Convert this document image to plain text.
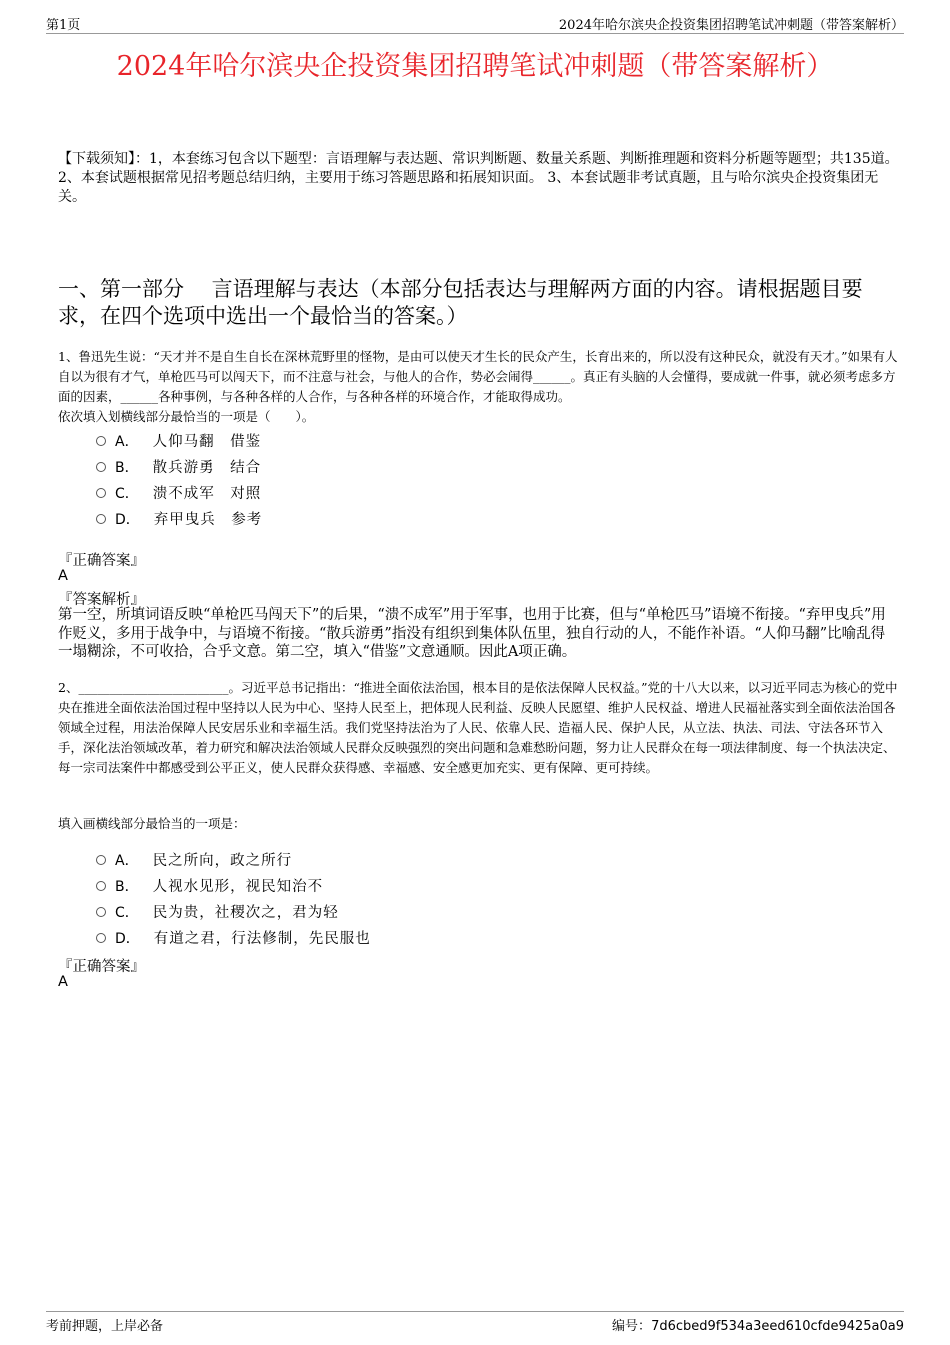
第1页	2024年哈尔滨央企投资集团招聘笔试冲刺题（带答案解析）
2024年哈尔滨央企投资集团招聘笔试冲刺题（带答案解析）
【下载须知】：1，本套练习包含以下题型：言语理解与表达题、常识判断题、数量关系题、判断推理题和资料分析题等题型；共135道。 2、本套试题根据常见招考题总结归纳，主要用于练习答题思路和拓展知识面。 3、本套试题非考试真题，且与哈尔滨央企投资集团无关。
一、第一部分　 言语理解与表达（本部分包括表达与理解两方面的内容。请根据题目要求，在四个选项中选出一个最恰当的答案。）
1、鲁迅先生说：“天才并不是自生自长在深林荒野里的怪物，是由可以使天才生长的民众产生，长育出来的，所以没有这种民众，就没有天才。”如果有人自以为很有才气，单枪匹马可以闯天下，而不注意与社会，与他人的合作，势必会闹得______。真正有头脑的人会懂得，要成就一件事，就必须考虑多方面的因素，______各种事例，与各种各样的人合作，与各种各样的环境合作，才能取得成功。
依次填入划横线部分最恰当的一项是（　　）。
A． 人仰马翻　借鉴
B． 散兵游勇　结合
C． 溃不成军　对照
D． 弃甲曳兵　参考
『正确答案』
A
『答案解析』
第一空，所填词语反映“单枪匹马闯天下”的后果，“溃不成军”用于军事，也用于比赛，但与“单枪匹马”语境不衔接。“弃甲曳兵”用作贬义，多用于战争中，与语境不衔接。“散兵游勇”指没有组织到集体队伍里，独自行动的人，不能作补语。“人仰马翻”比喻乱得一塌糊涂，不可收拾，合乎文意。第二空，填入“借鉴”文意通顺。因此A项正确。
2、________________________。习近平总书记指出：“推进全面依法治国，根本目的是依法保障人民权益。”党的十八大以来，以习近平同志为核心的党中央在推进全面依法治国过程中坚持以人民为中心、坚持人民至上，把体现人民利益、反映人民愿望、维护人民权益、增进人民福祉落实到全面依法治国各领域全过程，用法治保障人民安居乐业和幸福生活。我们党坚持法治为了人民、依靠人民、造福人民、保护人民，从立法、执法、司法、守法各环节入手，深化法治领域改革，着力研究和解决法治领域人民群众反映强烈的突出问题和急难愁盼问题，努力让人民群众在每一项法律制度、每一个执法决定、每一宗司法案件中都感受到公平正义，使人民群众获得感、幸福感、安全感更加充实、更有保障、更可持续。
填入画横线部分最恰当的一项是：
A． 民之所向，政之所行
B． 人视水见形，视民知治不
C． 民为贵，社稷次之，君为轻
D． 有道之君，行法修制，先民服也
『正确答案』
A
考前押题，上岸必备	编号：7d6cbed9f534a3eed610cfde9425a0a9
